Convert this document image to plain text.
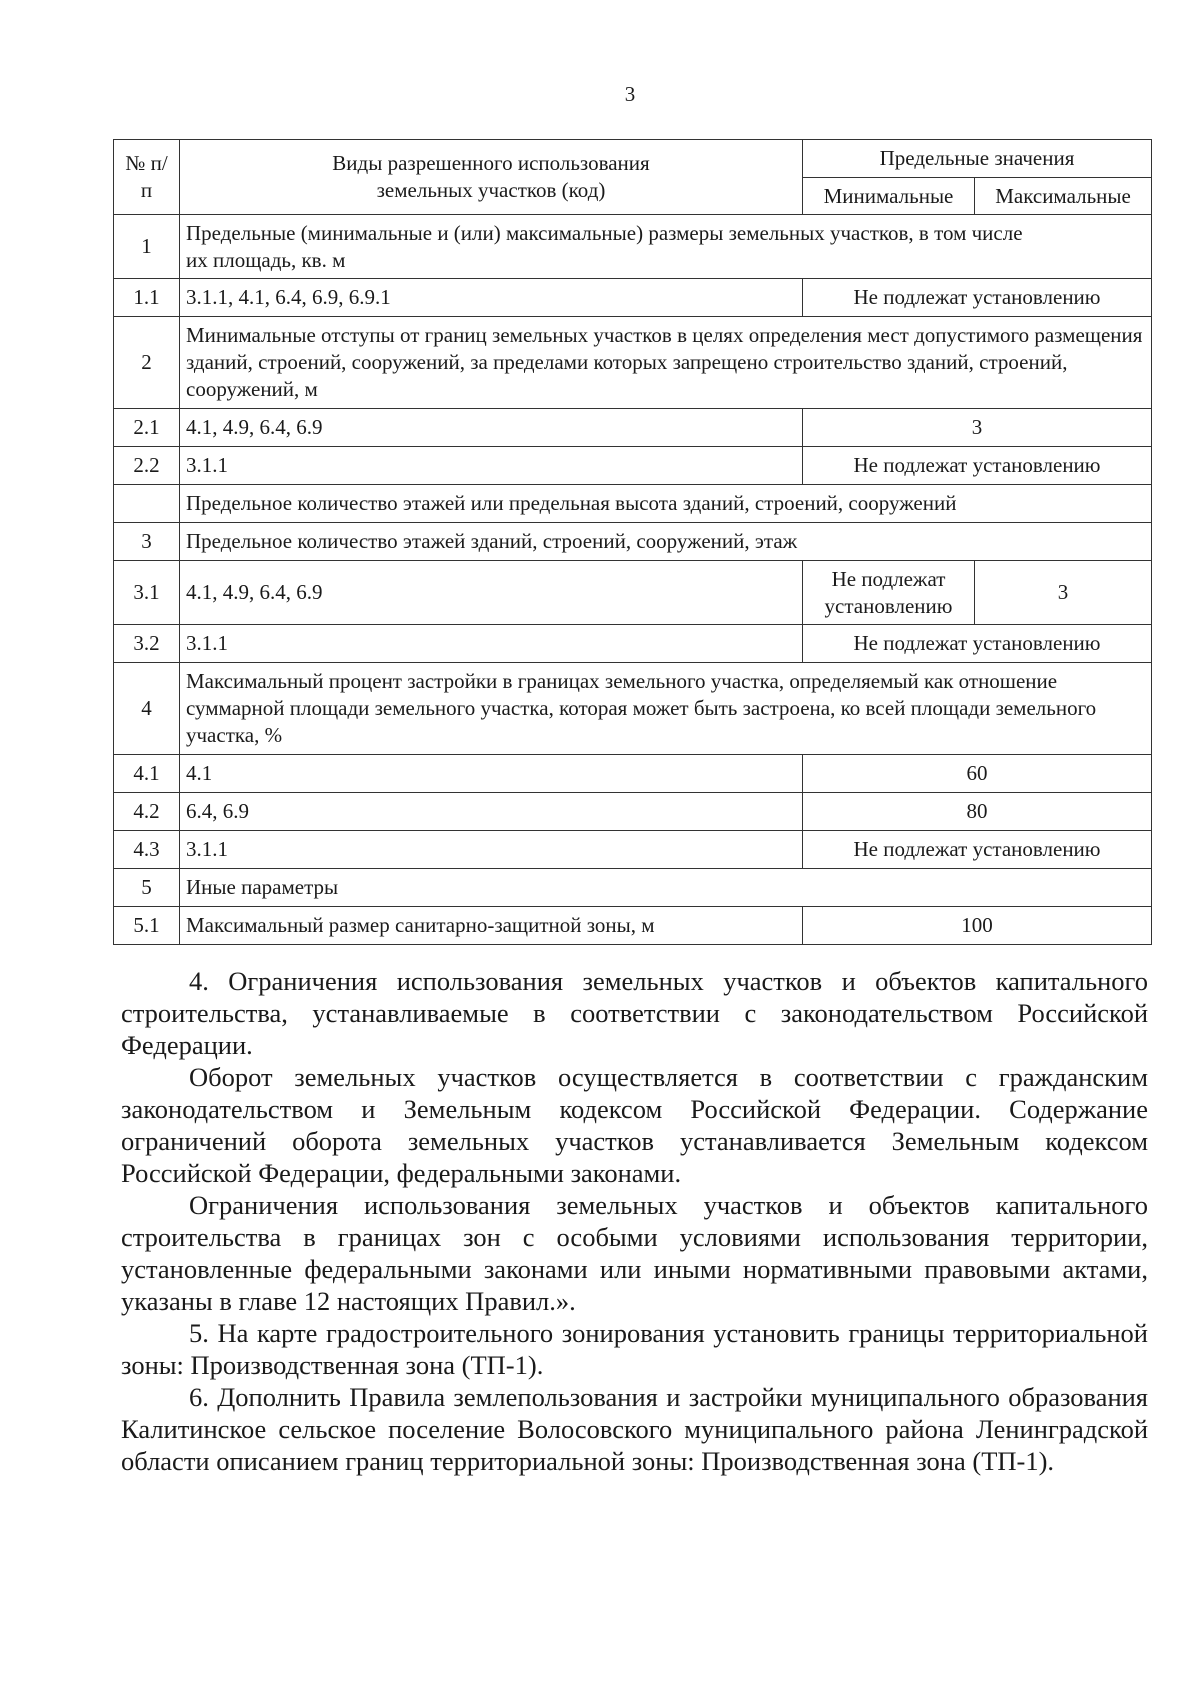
3
№ п/п	Виды разрешенного использования земельных участков (код)	Предельные значения	
		Минимальные	Максимальные
1	Предельные (минимальные и (или) максимальные) размеры земельных участков, в том числе их площадь, кв. м		
1.1	3.1.1, 4.1, 6.4, 6.9, 6.9.1	Не подлежат установлению	
2	Минимальные отступы от границ земельных участков в целях определения мест допустимого размещения зданий, строений, сооружений, за пределами которых запрещено строительство зданий, строений, сооружений, м		
2.1	4.1, 4.9, 6.4, 6.9	3	
2.2	3.1.1	Не подлежат установлению	
	Предельное количество этажей или предельная высота зданий, строений, сооружений		
3	Предельное количество этажей зданий, строений, сооружений, этаж		
3.1	4.1, 4.9, 6.4, 6.9	Не подлежат установлению	3
3.2	3.1.1	Не подлежат установлению	
4	Максимальный процент застройки в границах земельного участка, определяемый как отношение суммарной площади земельного участка, которая может быть застроена, ко всей площади земельного участка, %		
4.1	4.1	60	
4.2	6.4, 6.9	80	
4.3	3.1.1	Не подлежат установлению	
5	Иные параметры		
5.1	Максимальный размер санитарно-защитной зоны, м	100	

4. Ограничения использования земельных участков и объектов капитального строительства, устанавливаемые в соответствии с законодательством Российской Федерации.

Оборот земельных участков осуществляется в соответствии с гражданским законодательством и Земельным кодексом Российской Федерации. Содержание ограничений оборота земельных участков устанавливается Земельным кодексом Российской Федерации, федеральными законами.

Ограничения использования земельных участков и объектов капитального строительства в границах зон с особыми условиями использования территории, установленные федеральными законами или иными нормативными правовыми актами, указаны в главе 12 настоящих Правил.».

5. На карте градостроительного зонирования установить границы территориальной зоны: Производственная зона (ТП-1).

6. Дополнить Правила землепользования и застройки муниципального образования Калитинское сельское поселение Волосовского муниципального района Ленинградской области описанием границ территориальной зоны: Производственная зона (ТП-1).
